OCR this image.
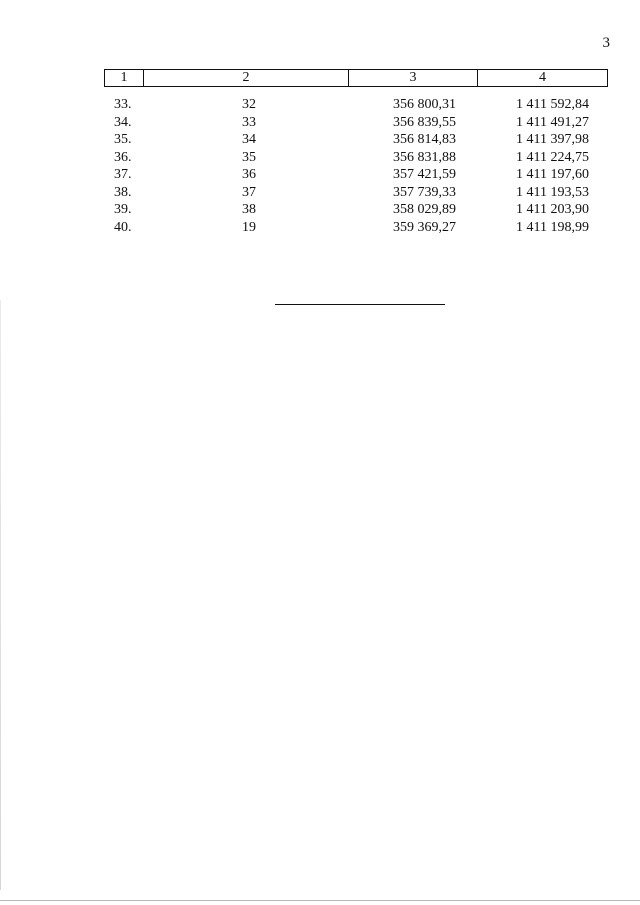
3
1	2	3	4
33.	32	356 800,31	1 411 592,84
34.	33	356 839,55	1 411 491,27
35.	34	356 814,83	1 411 397,98
36.	35	356 831,88	1 411 224,75
37.	36	357 421,59	1 411 197,60
38.	37	357 739,33	1 411 193,53
39.	38	358 029,89	1 411 203,90
40.	19	359 369,27	1 411 198,99
